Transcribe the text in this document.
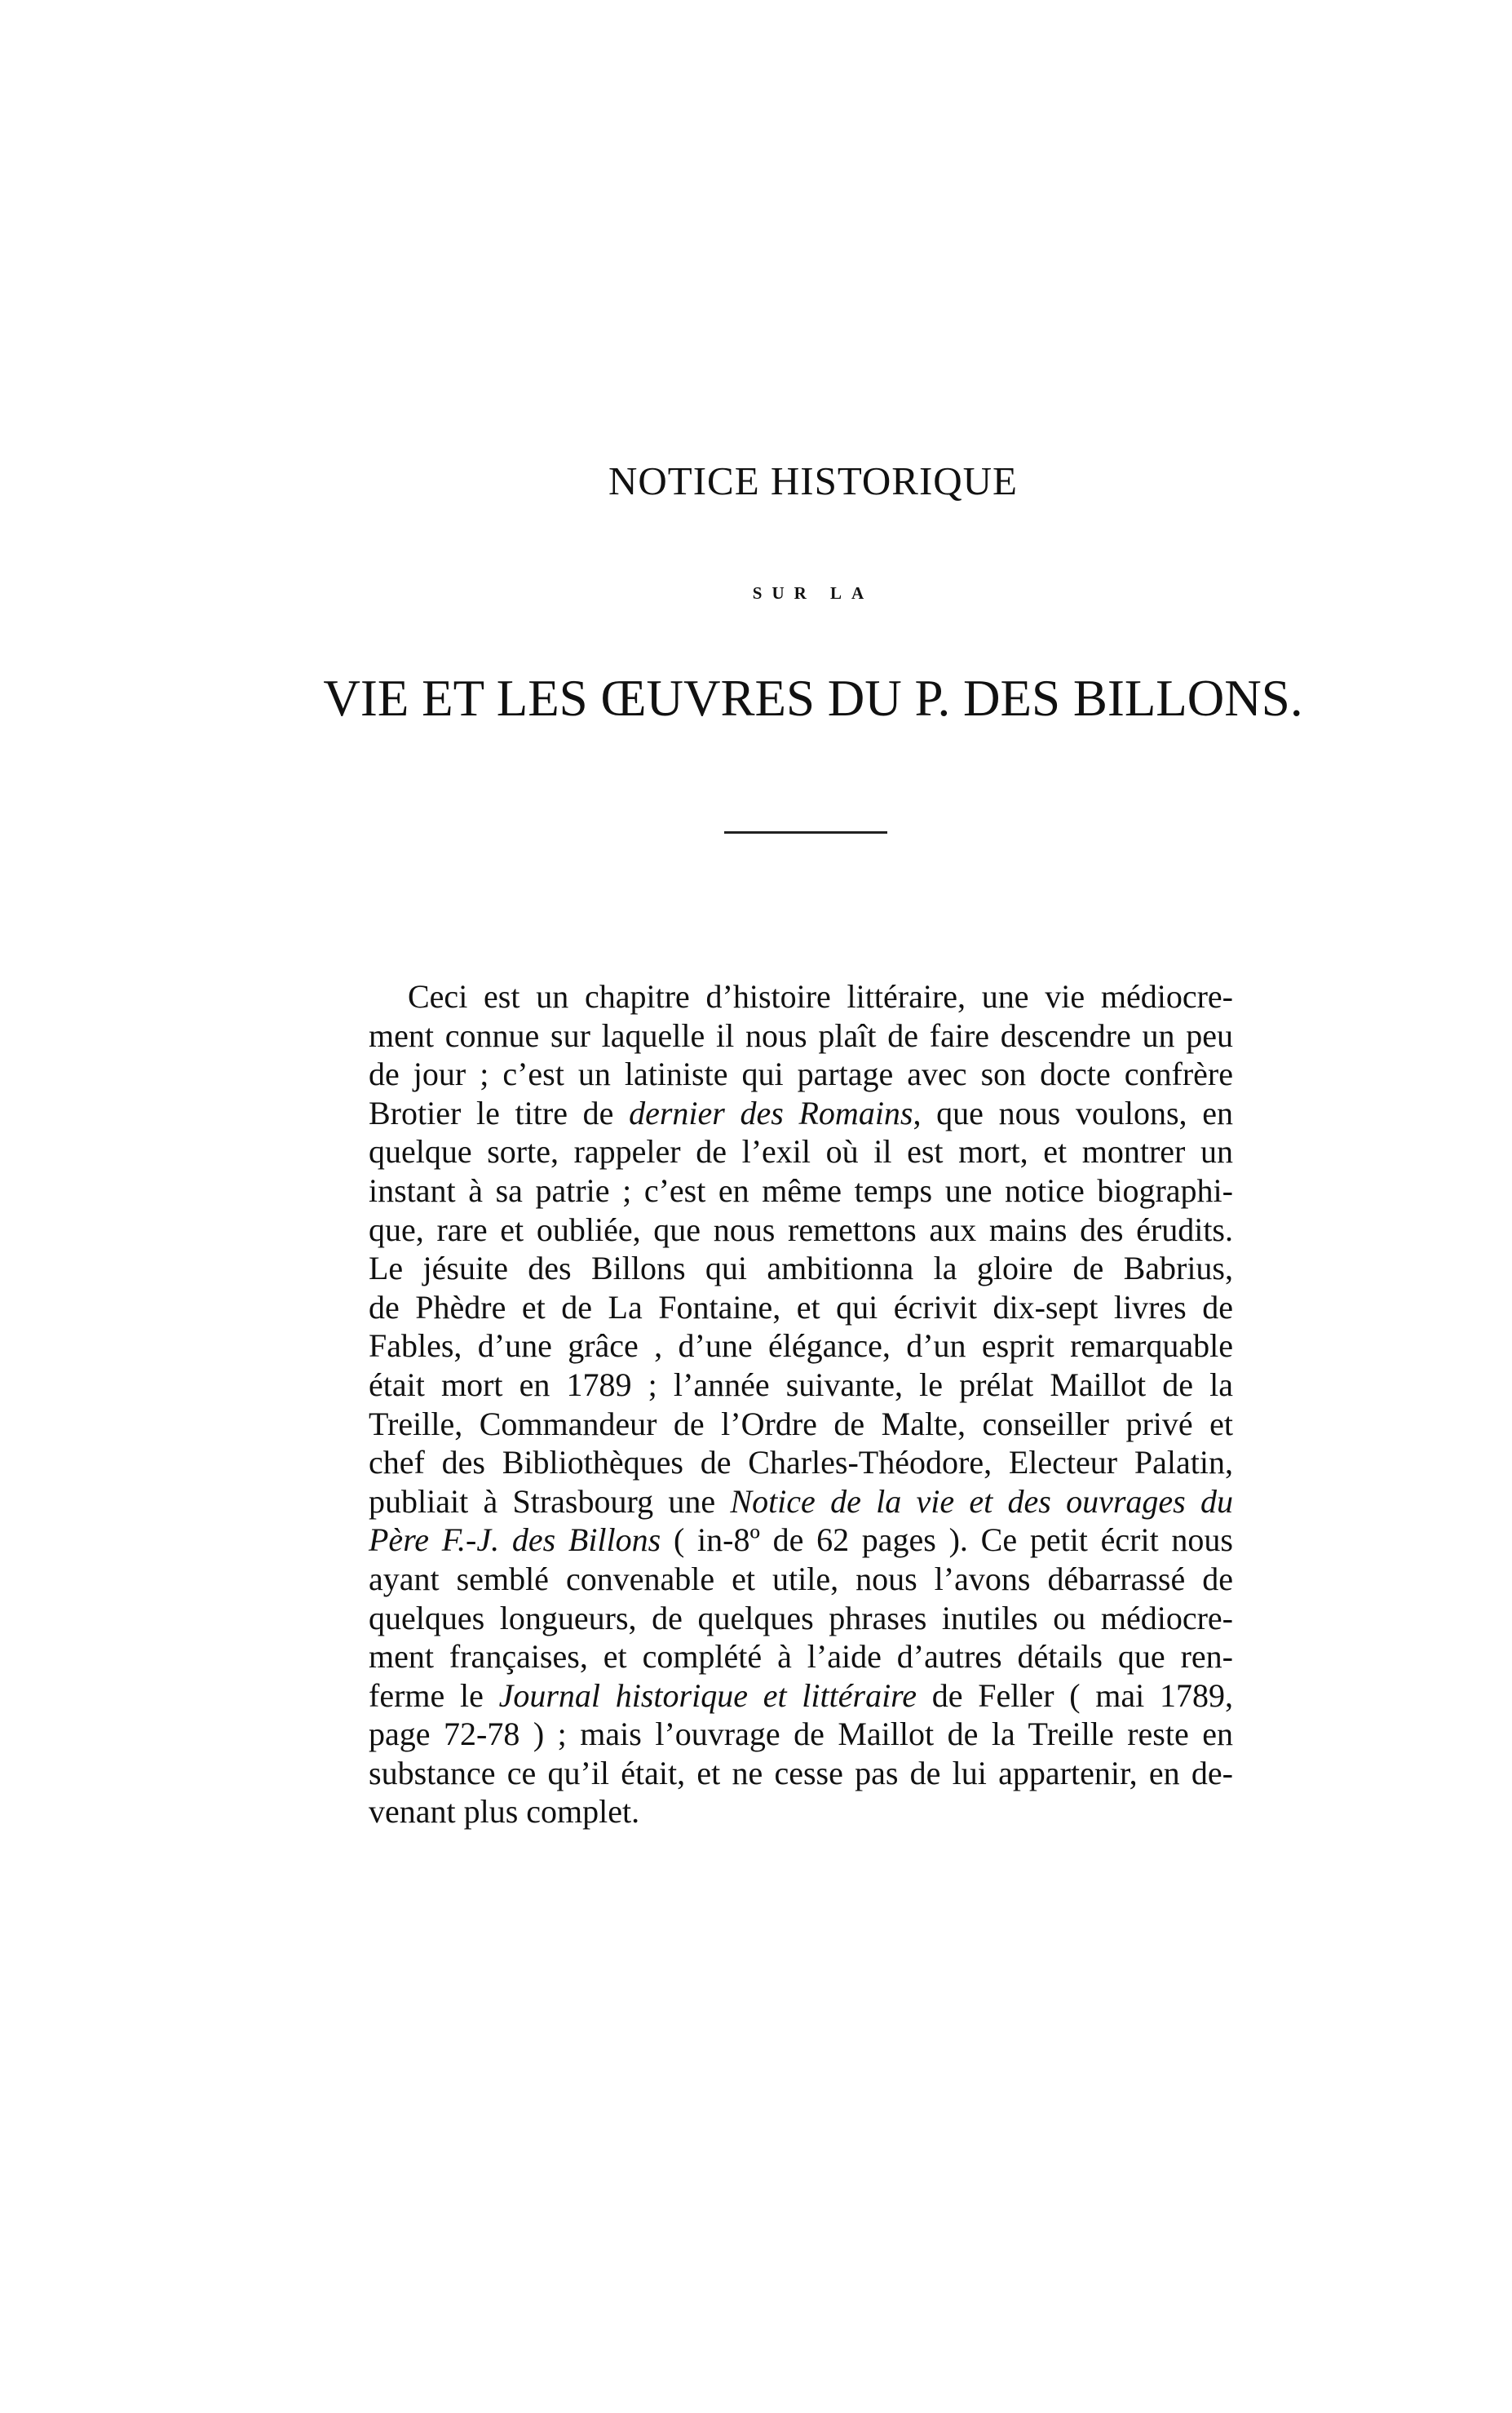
NOTICE HISTORIQUE
SUR LA
VIE ET LES ŒUVRES DU P. DES BILLONS.
Ceci est un chapitre d’histoire littéraire, une vie médiocre-
ment connue sur laquelle il nous plaît de faire descendre un peu
de jour ; c’est un latiniste qui partage avec son docte confrère
Brotier le titre de dernier des Romains, que nous voulons, en
quelque sorte, rappeler de l’exil où il est mort, et montrer un
instant à sa patrie ; c’est en même temps une notice biographi-
que, rare et oubliée, que nous remettons aux mains des érudits.
Le jésuite des Billons qui ambitionna la gloire de Babrius,
de Phèdre et de La Fontaine, et qui écrivit dix-sept livres de
Fables, d’une grâce , d’une élégance, d’un esprit remarquable
était mort en 1789 ; l’année suivante, le prélat Maillot de la
Treille, Commandeur de l’Ordre de Malte, conseiller privé et
chef des Bibliothèques de Charles-Théodore, Electeur Palatin,
publiait à Strasbourg une Notice de la vie et des ouvrages du
Père F.-J. des Billons ( in-8º de 62 pages ). Ce petit écrit nous
ayant semblé convenable et utile, nous l’avons débarrassé de
quelques longueurs, de quelques phrases inutiles ou médiocre-
ment françaises, et complété à l’aide d’autres détails que ren-
ferme le Journal historique et littéraire de Feller ( mai 1789,
page 72-78 ) ; mais l’ouvrage de Maillot de la Treille reste en
substance ce qu’il était, et ne cesse pas de lui appartenir, en de-
venant plus complet.
